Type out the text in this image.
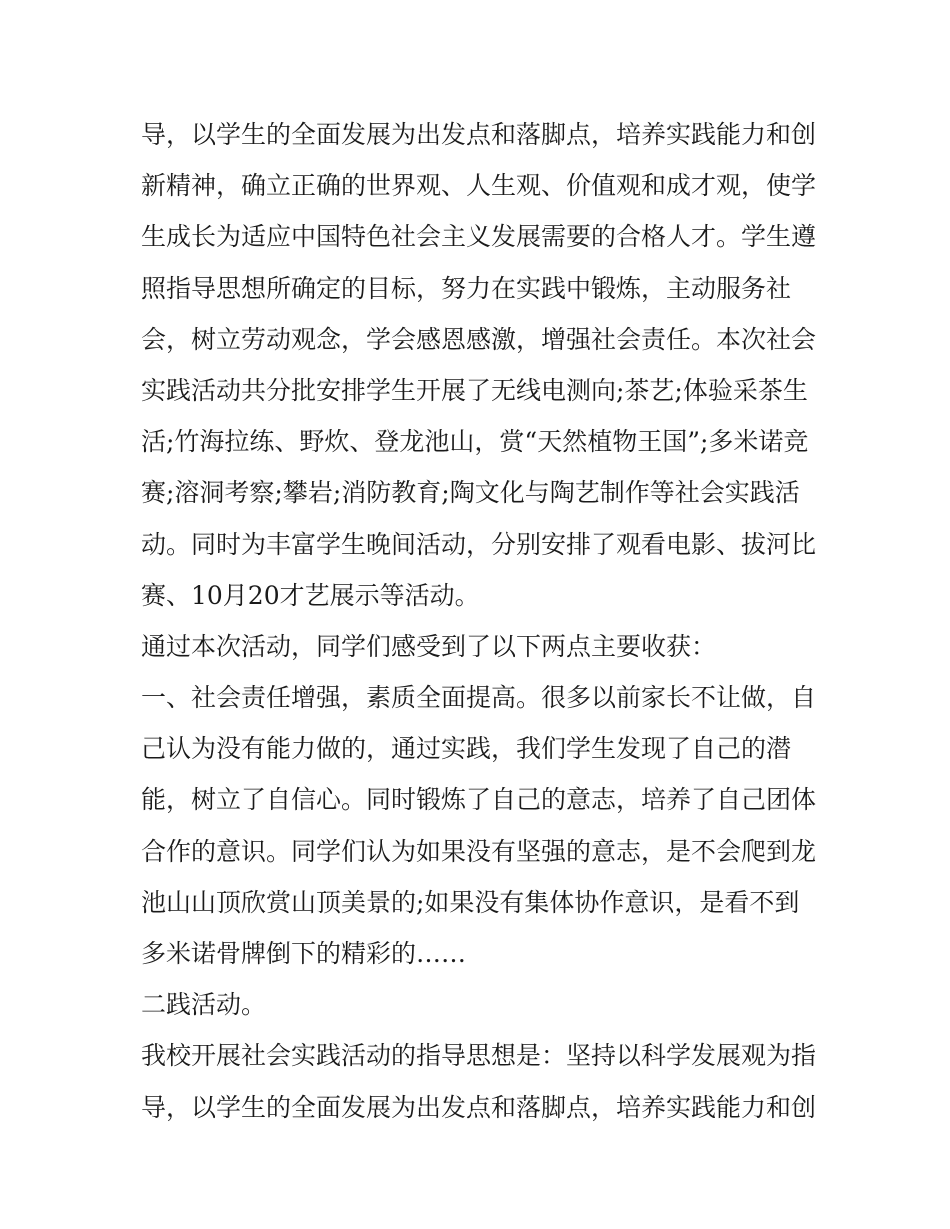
导，以学生的全面发展为出发点和落脚点，培养实践能力和创
新精神，确立正确的世界观、人生观、价值观和成才观，使学
生成长为适应中国特色社会主义发展需要的合格人才。学生遵
照指导思想所确定的目标，努力在实践中锻炼，主动服务社
会，树立劳动观念，学会感恩感激，增强社会责任。本次社会
实践活动共分批安排学生开展了无线电测向;茶艺;体验采茶生
活;竹海拉练、野炊、登龙池山，赏“天然植物王国”;多米诺竞
赛;溶洞考察;攀岩;消防教育;陶文化与陶艺制作等社会实践活
动。同时为丰富学生晚间活动，分别安排了观看电影、拔河比
赛、10月20才艺展示等活动。
通过本次活动，同学们感受到了以下两点主要收获：
一、社会责任增强，素质全面提高。很多以前家长不让做，自
己认为没有能力做的，通过实践，我们学生发现了自己的潜
能，树立了自信心。同时锻炼了自己的意志，培养了自己团体
合作的意识。同学们认为如果没有坚强的意志，是不会爬到龙
池山山顶欣赏山顶美景的;如果没有集体协作意识，是看不到
多米诺骨牌倒下的精彩的……
二践活动。
我校开展社会实践活动的指导思想是：坚持以科学发展观为指
导，以学生的全面发展为出发点和落脚点，培养实践能力和创
